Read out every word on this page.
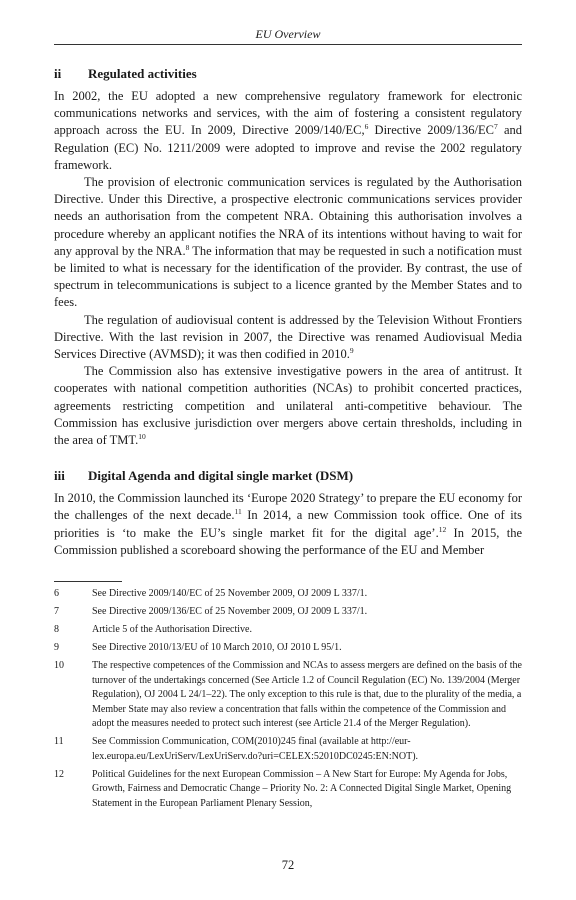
EU Overview
ii Regulated activities

In 2002, the EU adopted a new comprehensive regulatory framework for electronic communications networks and services, with the aim of fostering a consistent regulatory approach across the EU. In 2009, Directive 2009/140/EC,$^6$ Directive $2009/136/EC^7$ and Regulation (EC) No. 1211/2009 were adopted to improve and revise the 2002 regulatory framework.

The provision of electronic communication services is regulated by the Authorisation Directive. Under this Directive, a prospective electronic communications services provider needs an authorisation from the competent NRA. Obtaining this authorisation involves a procedure whereby an applicant notifies the NRA of its intentions without having to wait for any approval by the NRA.$^8$ The information that may be requested in such a notification must be limited to what is necessary for the identification of the provider. By contrast, the use of spectrum in telecommunications is subject to a licence granted by the Member States and to fees.

The regulation of audiovisual content is addressed by the Television Without Frontiers Directive. With the last revision in 2007, the Directive was renamed Audiovisual Media Services Directive (AVMSD); it was then codified in 2010.$^9$

The Commission also has extensive investigative powers in the area of antitrust. It cooperates with national competition authorities (NCAs) to prohibit concerted practices, agreements restricting competition and unilateral anti-competitive behaviour. The Commission has exclusive jurisdiction over mergers above certain thresholds, including in the area of TMT.$^{10}$

iii Digital Agenda and digital single market (DSM)

In 2010, the Commission launched its ‘Europe 2020 Strategy’ to prepare the EU economy for the challenges of the next decade.$^{11}$ In 2014, a new Commission took office. One of its priorities is ‘to make the EU’s single market fit for the digital age’.$^{12}$ In 2015, the Commission published a scoreboard showing the performance of the EU and Member

6	See Directive 2009/140/EC of 25 November 2009, OJ 2009 L 337/1.
7	See Directive 2009/136/EC of 25 November 2009, OJ 2009 L 337/1.
8	Article 5 of the Authorisation Directive.
9	See Directive 2010/13/EU of 10 March 2010, OJ 2010 L 95/1.
10	The respective competences of the Commission and NCAs to assess mergers are defined on the basis of the turnover of the undertakings concerned (See Article 1.2 of Council Regulation (EC) No. 139/2004 (Merger Regulation), OJ 2004 L 24/1–22). The only exception to this rule is that, due to the plurality of the media, a Member State may also review a concentration that falls within the competence of the Commission and adopt the measures needed to protect such interest (see Article 21.4 of the Merger Regulation).
11	See Commission Communication, COM(2010)245 final (available at http://eur-lex.europa.eu/LexUriServ/LexUriServ.do?uri=CELEX:52010DC0245:EN:NOT).
12	Political Guidelines for the next European Commission – A New Start for Europe: My Agenda for Jobs, Growth, Fairness and Democratic Change – Priority No. 2: A Connected Digital Single Market, Opening Statement in the European Parliament Plenary Session,
72
